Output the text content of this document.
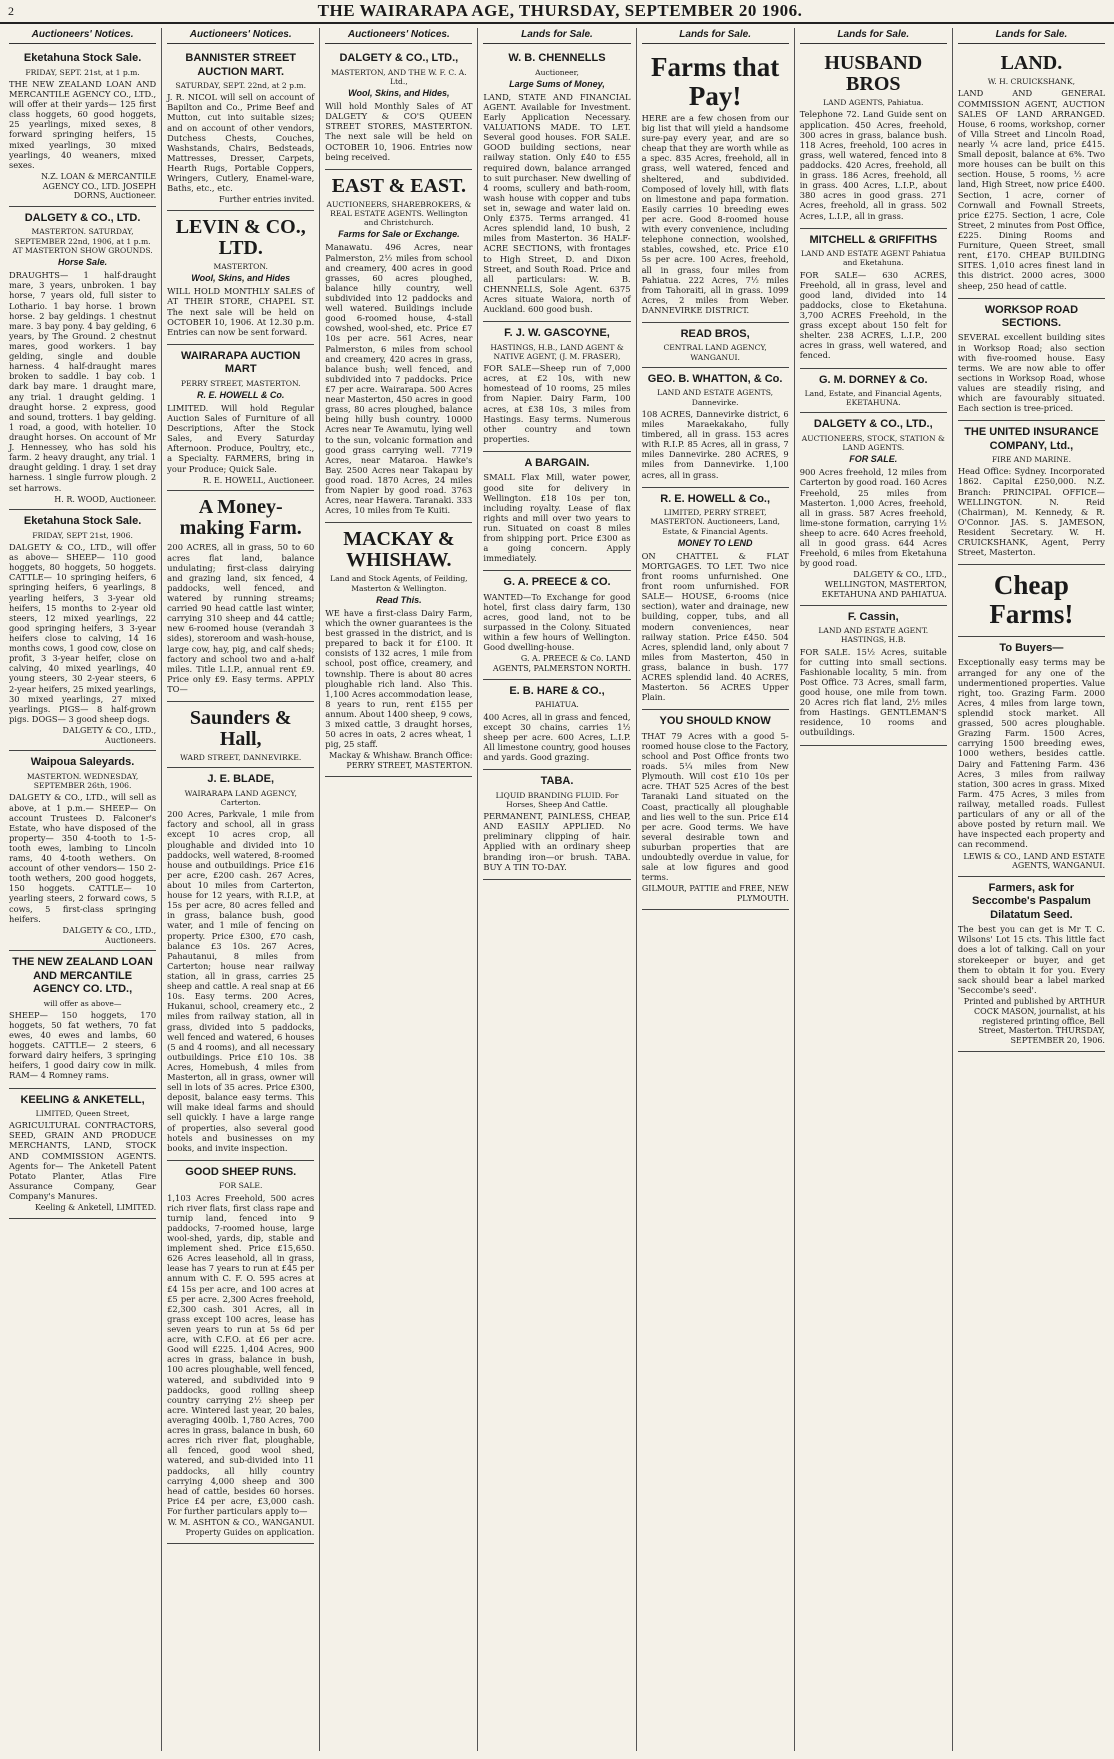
2	THE WAIRARAPA AGE, THURSDAY, SEPTEMBER 20 1906.
Auctioneers' Notices.
Eketahuna Stock Sale.
FRIDAY, SEPT. 21st, at 1 p.m.

THE NEW ZEALAND LOAN AND MERCANTILE AGENCY CO., LTD., will offer at their yards— 125 first class hoggets, 60 good hoggets, 25 yearlings, mixed sexes, 8 forward springing heifers, 15 mixed yearlings, 30 mixed yearlings, 40 weaners, mixed sexes.

N.Z. LOAN & MERCANTILE AGENCY CO., LTD. JOSEPH DORNS, Auctioneer.
DALGETY & CO., LTD.
MASTERTON. SATURDAY, SEPTEMBER 22nd, 1906, at 1 p.m. AT MASTERTON SHOW GROUNDS.
Horse Sale.

DRAUGHTS— 1 half-draught mare, 3 years, unbroken. 1 bay horse, 7 years old, full sister to Lothario. 1 bay horse. 1 brown horse. 2 bay geldings. 1 chestnut mare. 3 bay pony. 4 bay gelding, 6 years, by The Ground. 2 chestnut mares, good workers. 1 bay gelding, single and double harness. 4 half-draught mares broken to saddle. 1 bay cob. 1 dark bay mare. 1 draught mare, any trial. 1 draught gelding. 1 draught horse. 2 express, good and sound, trotters. 1 bay gelding. 1 road, a good, with hotelier. 10 draught horses. On account of Mr J. Hennessey, who has sold his farm. 2 heavy draught, any trial. 1 draught gelding. 1 dray. 1 set dray harness. 1 single furrow plough. 2 set harrows.

H. R. WOOD, Auctioneer.
Eketahuna Stock Sale.
FRIDAY, SEPT 21st, 1906.

DALGETY & CO., LTD., will offer as above— SHEEP— 110 good hoggets, 80 hoggets, 50 hoggets. CATTLE— 10 springing heifers, 6 springing heifers, 6 yearlings, 8 yearling heifers, 3 3-year old heifers, 15 months to 2-year old steers, 12 mixed yearlings, 22 good springing heifers, 3 3-year heifers close to calving, 14 16 months cows, 1 good cow, close on profit, 3 3-year heifer, close on calving, 40 mixed yearlings, 40 young steers, 30 2-year steers, 6 2-year heifers, 25 mixed yearlings, 30 mixed yearlings, 27 mixed yearlings. PIGS— 8 half-grown pigs. DOGS— 3 good sheep dogs.

DALGETY & CO., LTD., Auctioneers.
Waipoua Saleyards.
MASTERTON. WEDNESDAY, SEPTEMBER 26th, 1906.

DALGETY & CO., LTD., will sell as above, at 1 p.m.— SHEEP— On account Trustees D. Falconer's Estate, who have disposed of the property— 350 4-tooth to 1-5-tooth ewes, lambing to Lincoln rams, 40 4-tooth wethers. On account of other vendors— 150 2-tooth wethers, 200 good hoggets, 150 hoggets. CATTLE— 10 yearling steers, 2 forward cows, 5 cows, 5 first-class springing heifers.

DALGETY & CO., LTD., Auctioneers.
THE NEW ZEALAND LOAN AND MERCANTILE AGENCY CO. LTD.,
will offer as above—

SHEEP— 150 hoggets, 170 hoggets, 50 fat wethers, 70 fat ewes, 40 ewes and lambs, 60 hoggets. CATTLE— 2 steers, 6 forward dairy heifers, 3 springing heifers, 1 good dairy cow in milk. RAM— 4 Romney rams.

KEELING & ANKETELL,
LIMITED, Queen Street,

AGRICULTURAL CONTRACTORS, SEED, GRAIN AND PRODUCE MERCHANTS, LAND, STOCK AND COMMISSION AGENTS. Agents for— The Anketell Patent Potato Planter, Atlas Fire Assurance Company, Gear Company's Manures.

Keeling & Anketell, LIMITED.
Auctioneers' Notices.
BANNISTER STREET AUCTION MART.
SATURDAY, SEPT. 22nd, at 2 p.m.

J. R. NICOL will sell on account of Bapilton and Co., Prime Beef and Mutton, cut into suitable sizes; and on account of other vendors, Dutchess Chests, Couches, Washstands, Chairs, Bedsteads, Mattresses, Dresser, Carpets, Hearth Rugs, Portable Coppers, Wringers, Cutlery, Enamel-ware, Baths, etc., etc.

Further entries invited.
LEVIN & CO., LTD.
MASTERTON.
Wool, Skins, and Hides

WILL HOLD MONTHLY SALES of AT THEIR STORE, CHAPEL ST. The next sale will be held on OCTOBER 10, 1906. At 12.30 p.m. Entries can now be sent forward.

WAIRARAPA AUCTION MART
PERRY STREET, MASTERTON.
R. E. HOWELL & Co.

LIMITED. Will hold Regular Auction Sales of Furniture of all Descriptions, After the Stock Sales, and Every Saturday Afternoon. Produce, Poultry, etc., a Specialty. FARMERS, bring in your Produce; Quick Sale.

R. E. HOWELL, Auctioneer.
A Money-making Farm.

200 ACRES, all in grass, 50 to 60 acres flat land, balance undulating; first-class dairying and grazing land, six fenced, 4 paddocks, well fenced, and watered by running streams; carried 90 head cattle last winter, carrying 310 sheep and 44 cattle; new 6-roomed house (verandah 3 sides), storeroom and wash-house, large cow, hay, pig, and calf sheds; factory and school two and a-half miles. Title L.I.P., annual rent £9. Price only £9. Easy terms. APPLY TO—

Saunders & Hall,
WARD STREET, DANNEVIRKE.
J. E. BLADE,
WAIRARAPA LAND AGENCY, Carterton.

200 Acres, Parkvale, 1 mile from factory and school, all in grass except 10 acres crop, all ploughable and divided into 10 paddocks, well watered, 8-roomed house and outbuildings. Price £16 per acre, £200 cash. 267 Acres, about 10 miles from Carterton, house for 12 years, with R.I.P., at 15s per acre, 80 acres felled and in grass, balance bush, good water, and 1 mile of fencing on property. Price £300, £70 cash, balance £3 10s. 267 Acres, Pahautanui, 8 miles from Carterton; house near railway station, all in grass, carries 25 sheep and cattle. A real snap at £6 10s. Easy terms. 200 Acres, Hukanui, school, creamery etc., 2 miles from railway station, all in grass, divided into 5 paddocks, well fenced and watered, 6 houses (5 and 4 rooms), and all necessary outbuildings. Price £10 10s. 38 Acres, Homebush, 4 miles from Masterton, all in grass, owner will sell in lots of 35 acres. Price £300, deposit, balance easy terms. This will make ideal farms and should sell quickly. I have a large range of properties, also several good hotels and businesses on my books, and invite inspection.

GOOD SHEEP RUNS.
FOR SALE.

1,103 Acres Freehold, 500 acres rich river flats, first class rape and turnip land, fenced into 9 paddocks, 7-roomed house, large wool-shed, yards, dip, stable and implement shed. Price £15,650. 626 Acres leasehold, all in grass, lease has 7 years to run at £45 per annum with C. F. O. 595 acres at £4 15s per acre, and 100 acres at £5 per acre. 2,300 Acres freehold, £2,300 cash. 301 Acres, all in grass except 100 acres, lease has seven years to run at 5s 6d per acre, with C.F.O. at £6 per acre. Good will £225. 1,404 Acres, 900 acres in grass, balance in bush, 100 acres ploughable, well fenced, watered, and subdivided into 9 paddocks, good rolling sheep country carrying 2½ sheep per acre. Wintered last year, 20 bales, averaging 400lb. 1,780 Acres, 700 acres in grass, balance in bush, 60 acres rich river flat, ploughable, all fenced, good wool shed, watered, and sub-divided into 11 paddocks, all hilly country carrying 4,000 sheep and 300 head of cattle, besides 60 horses. Price £4 per acre, £3,000 cash. For further particulars apply to—

W. M. ASHTON & CO., WANGANUI. Property Guides on application.
Auctioneers' Notices.
DALGETY & CO., LTD.,
MASTERTON, AND THE W. F. C. A. Ltd.,
Wool, Skins, and Hides,

Will hold Monthly Sales of AT DALGETY & CO'S QUEEN STREET STORES, MASTERTON. The next sale will be held on OCTOBER 10, 1906. Entries now being received.

EAST & EAST.
AUCTIONEERS, SHAREBROKERS, & REAL ESTATE AGENTS. Wellington and Christchurch.
Farms for Sale or Exchange.

Manawatu. 496 Acres, near Palmerston, 2½ miles from school and creamery, 400 acres in good grasses, 60 acres ploughed, balance hilly country, well subdivided into 12 paddocks and well watered. Buildings include good 6-roomed house, 4-stall cowshed, wool-shed, etc. Price £7 10s per acre. 561 Acres, near Palmerston, 6 miles from school and creamery, 420 acres in grass, balance bush; well fenced, and subdivided into 7 paddocks. Price £7 per acre. Wairarapa. 500 Acres near Masterton, 450 acres in good grass, 80 acres ploughed, balance being hilly bush country. 10000 Acres near Te Awamutu, lying well to the sun, volcanic formation and good grass carrying well. 7719 Acres, near Mataroa. Hawke's Bay. 2500 Acres near Takapau by good road. 1870 Acres, 24 miles from Napier by good road. 3763 Acres, near Hawera. Taranaki. 333 Acres, 10 miles from Te Kuiti.

MACKAY & WHISHAW.
Land and Stock Agents, of Feilding, Masterton & Wellington.
Read This.

WE have a first-class Dairy Farm, which the owner guarantees is the best grassed in the district, and is prepared to back it for £100. It consists of 132 acres, 1 mile from school, post office, creamery, and township. There is about 80 acres ploughable rich land. Also This. 1,100 Acres accommodation lease, 8 years to run, rent £155 per annum. About 1400 sheep, 9 cows, 3 mixed cattle, 3 draught horses, 50 acres in oats, 2 acres wheat, 1 pig, 25 staff.

Mackay & Whishaw. Branch Office: PERRY STREET, MASTERTON.
Lands for Sale.
W. B. CHENNELLS
Auctioneer,
Large Sums of Money,

LAND, STATE AND FINANCIAL AGENT. Available for Investment. Early Application Necessary. VALUATIONS MADE. TO LET. Several good houses. FOR SALE. GOOD building sections, near railway station. Only £40 to £55 required down, balance arranged to suit purchaser. New dwelling of 4 rooms, scullery and bath-room, wash house with copper and tubs set in, sewage and water laid on. Only £375. Terms arranged. 41 Acres splendid land, 10 bush, 2 miles from Masterton. 36 HALF-ACRE SECTIONS, with frontages to High Street, D. and Dixon Street, and South Road. Price and all particulars: W. B. CHENNELLS, Sole Agent. 6375 Acres situate Waiora, north of Auckland. 600 good bush.

F. J. W. GASCOYNE,
HASTINGS, H.B., LAND AGENT & NATIVE AGENT, (J. M. FRASER),

FOR SALE—Sheep run of 7,000 acres, at £2 10s, with new homestead of 10 rooms, 25 miles from Napier. Dairy Farm, 100 acres, at £38 10s, 3 miles from Hastings. Easy terms. Numerous other country and town properties.

A BARGAIN.

SMALL Flax Mill, water power, good site for delivery in Wellington. £18 10s per ton, including royalty. Lease of flax rights and mill over two years to run. Situated on coast 8 miles from shipping port. Price £300 as a going concern. Apply immediately.

G. A. PREECE & CO.

WANTED—To Exchange for good hotel, first class dairy farm, 130 acres, good land, not to be surpassed in the Colony. Situated within a few hours of Wellington. Good dwelling-house.

G. A. PREECE & Co. LAND AGENTS, PALMERSTON NORTH.
E. B. HARE & CO.,
PAHIATUA.

400 Acres, all in grass and fenced, except 30 chains, carries 1½ sheep per acre. 600 Acres, L.I.P. All limestone country, good houses and yards. Good grazing.

TABA.
LIQUID BRANDING FLUID. For Horses, Sheep And Cattle.

PERMANENT, PAINLESS, CHEAP, AND EASILY APPLIED. No preliminary clipping of hair. Applied with an ordinary sheep branding iron—or brush. TABA. BUY A TIN TO-DAY.

Lands for Sale.
Farms that Pay!

HERE are a few chosen from our big list that will yield a handsome sure-pay every year, and are so cheap that they are worth while as a spec. 835 Acres, freehold, all in grass, well watered, fenced and sheltered, and subdivided. Composed of lovely hill, with flats on limestone and papa formation. Easily carries 10 breeding ewes per acre. Good 8-roomed house with every convenience, including telephone connection, woolshed, stables, cowshed, etc. Price £10 5s per acre. 100 Acres, freehold, all in grass, four miles from Pahiatua. 222 Acres, 7½ miles from Tahoraiti, all in grass. 1099 Acres, 2 miles from Weber. DANNEVIRKE DISTRICT.

READ BROS,
CENTRAL LAND AGENCY, WANGANUI.
GEO. B. WHATTON, & Co.
LAND AND ESTATE AGENTS, Dannevirke.

108 ACRES, Dannevirke district, 6 miles Maraekakaho, fully timbered, all in grass. 153 acres with R.I.P. 85 Acres, all in grass, 7 miles Dannevirke. 280 ACRES, 9 miles from Dannevirke. 1,100 acres, all in grass.

R. E. HOWELL & Co.,
LIMITED, PERRY STREET, MASTERTON. Auctioneers, Land, Estate, & Financial Agents.
MONEY TO LEND

ON CHATTEL & FLAT MORTGAGES. TO LET. Two nice front rooms unfurnished. One front room unfurnished. FOR SALE— HOUSE, 6-rooms (nice section), water and drainage, new building, copper, tubs, and all modern conveniences, near railway station. Price £450. 504 Acres, splendid land, only about 7 miles from Masterton, 450 in grass, balance in bush. 177 ACRES splendid land. 40 ACRES, Masterton. 56 ACRES Upper Plain.

YOU SHOULD KNOW

THAT 79 Acres with a good 5-roomed house close to the Factory, school and Post Office fronts two roads. 5¼ miles from New Plymouth. Will cost £10 10s per acre. THAT 525 Acres of the best Taranaki Land situated on the Coast, practically all ploughable and lies well to the sun. Price £14 per acre. Good terms. We have several desirable town and suburban properties that are undoubtedly overdue in value, for sale at low figures and good terms.

GILMOUR, PATTIE and FREE, NEW PLYMOUTH.
Lands for Sale.
HUSBAND BROS
LAND AGENTS, Pahiatua.

Telephone 72. Land Guide sent on application. 450 Acres, freehold, 300 acres in grass, balance bush. 118 Acres, freehold, 100 acres in grass, well watered, fenced into 8 paddocks. 420 Acres, freehold, all in grass. 186 Acres, freehold, all in grass. 400 Acres, L.I.P., about 380 acres in good grass. 271 Acres, freehold, all in grass. 502 Acres, L.I.P., all in grass.

MITCHELL & GRIFFITHS
LAND AND ESTATE AGENT Pahiatua and Eketahuna.

FOR SALE— 630 ACRES, Freehold, all in grass, level and good land, divided into 14 paddocks, close to Eketahuna. 3,700 ACRES Freehold, in the grass except about 150 felt for shelter. 238 ACRES, L.I.P., 200 acres in grass, well watered, and fenced.

G. M. DORNEY & Co.
Land, Estate, and Financial Agents, EKETAHUNA.
DALGETY & CO., LTD.,
AUCTIONEERS, STOCK, STATION & LAND AGENTS.
FOR SALE.

900 Acres freehold, 12 miles from Carterton by good road. 160 Acres Freehold, 25 miles from Masterton. 1,000 Acres, freehold, all in grass. 587 Acres freehold, lime-stone formation, carrying 1½ sheep to acre. 640 Acres freehold, all in good grass. 644 Acres Freehold, 6 miles from Eketahuna by good road.

DALGETY & CO., LTD., WELLINGTON, MASTERTON, EKETAHUNA AND PAHIATUA.
F. Cassin,
LAND AND ESTATE AGENT. HASTINGS, H.B.

FOR SALE. 15½ Acres, suitable for cutting into small sections. Fashionable locality, 5 min. from Post Office. 73 Acres, small farm, good house, one mile from town. 20 Acres rich flat land, 2½ miles from Hastings. GENTLEMAN'S residence, 10 rooms and outbuildings.

Lands for Sale.
LAND.
W. H. CRUICKSHANK,

LAND AND GENERAL COMMISSION AGENT, AUCTION SALES OF LAND ARRANGED. House, 6 rooms, workshop, corner of Villa Street and Lincoln Road, nearly ¼ acre land, price £415. Small deposit, balance at 6%. Two more houses can be built on this section. House, 5 rooms, ½ acre land, High Street, now price £400. Section, 1 acre, corner of Cornwall and Fownall Streets, price £275. Section, 1 acre, Cole Street, 2 minutes from Post Office, £225. Dining Rooms and Furniture, Queen Street, small rent, £170. CHEAP BUILDING SITES. 1,010 acres finest land in this district. 2000 acres, 3000 sheep, 250 head of cattle.

WORKSOP ROAD SECTIONS.

SEVERAL excellent building sites in Worksop Road; also section with five-roomed house. Easy terms. We are now able to offer sections in Worksop Road, whose values are steadily rising, and which are favourably situated. Each section is tree-priced.

THE UNITED INSURANCE COMPANY, Ltd.,
FIRE AND MARINE.

Head Office: Sydney. Incorporated 1862. Capital £250,000. N.Z. Branch: PRINCIPAL OFFICE—WELLINGTON. N. Reid (Chairman), M. Kennedy, & R. O'Connor. JAS. S. JAMESON, Resident Secretary. W. H. CRUICKSHANK, Agent, Perry Street, Masterton.

Cheap Farms!
To Buyers—

Exceptionally easy terms may be arranged for any one of the undermentioned properties. Value right, too. Grazing Farm. 2000 Acres, 4 miles from large town, splendid stock market. All grassed, 500 acres ploughable. Grazing Farm. 1500 Acres, carrying 1500 breeding ewes, 1000 wethers, besides cattle. Dairy and Fattening Farm. 436 Acres, 3 miles from railway station, 300 acres in grass. Mixed Farm. 475 Acres, 3 miles from railway, metalled roads. Fullest particulars of any or all of the above posted by return mail. We have inspected each property and can recommend.

LEWIS & CO., LAND AND ESTATE AGENTS, WANGANUI.
Farmers, ask for Seccombe's Paspalum Dilatatum Seed.

The best you can get is Mr T. C. Wilsons' Lot 15 cts. This little fact does a lot of talking. Call on your storekeeper or buyer, and get them to obtain it for you. Every sack should bear a label marked 'Seccombe's seed'.

Printed and published by ARTHUR COCK MASON, journalist, at his registered printing office, Bell Street, Masterton. THURSDAY, SEPTEMBER 20, 1906.
